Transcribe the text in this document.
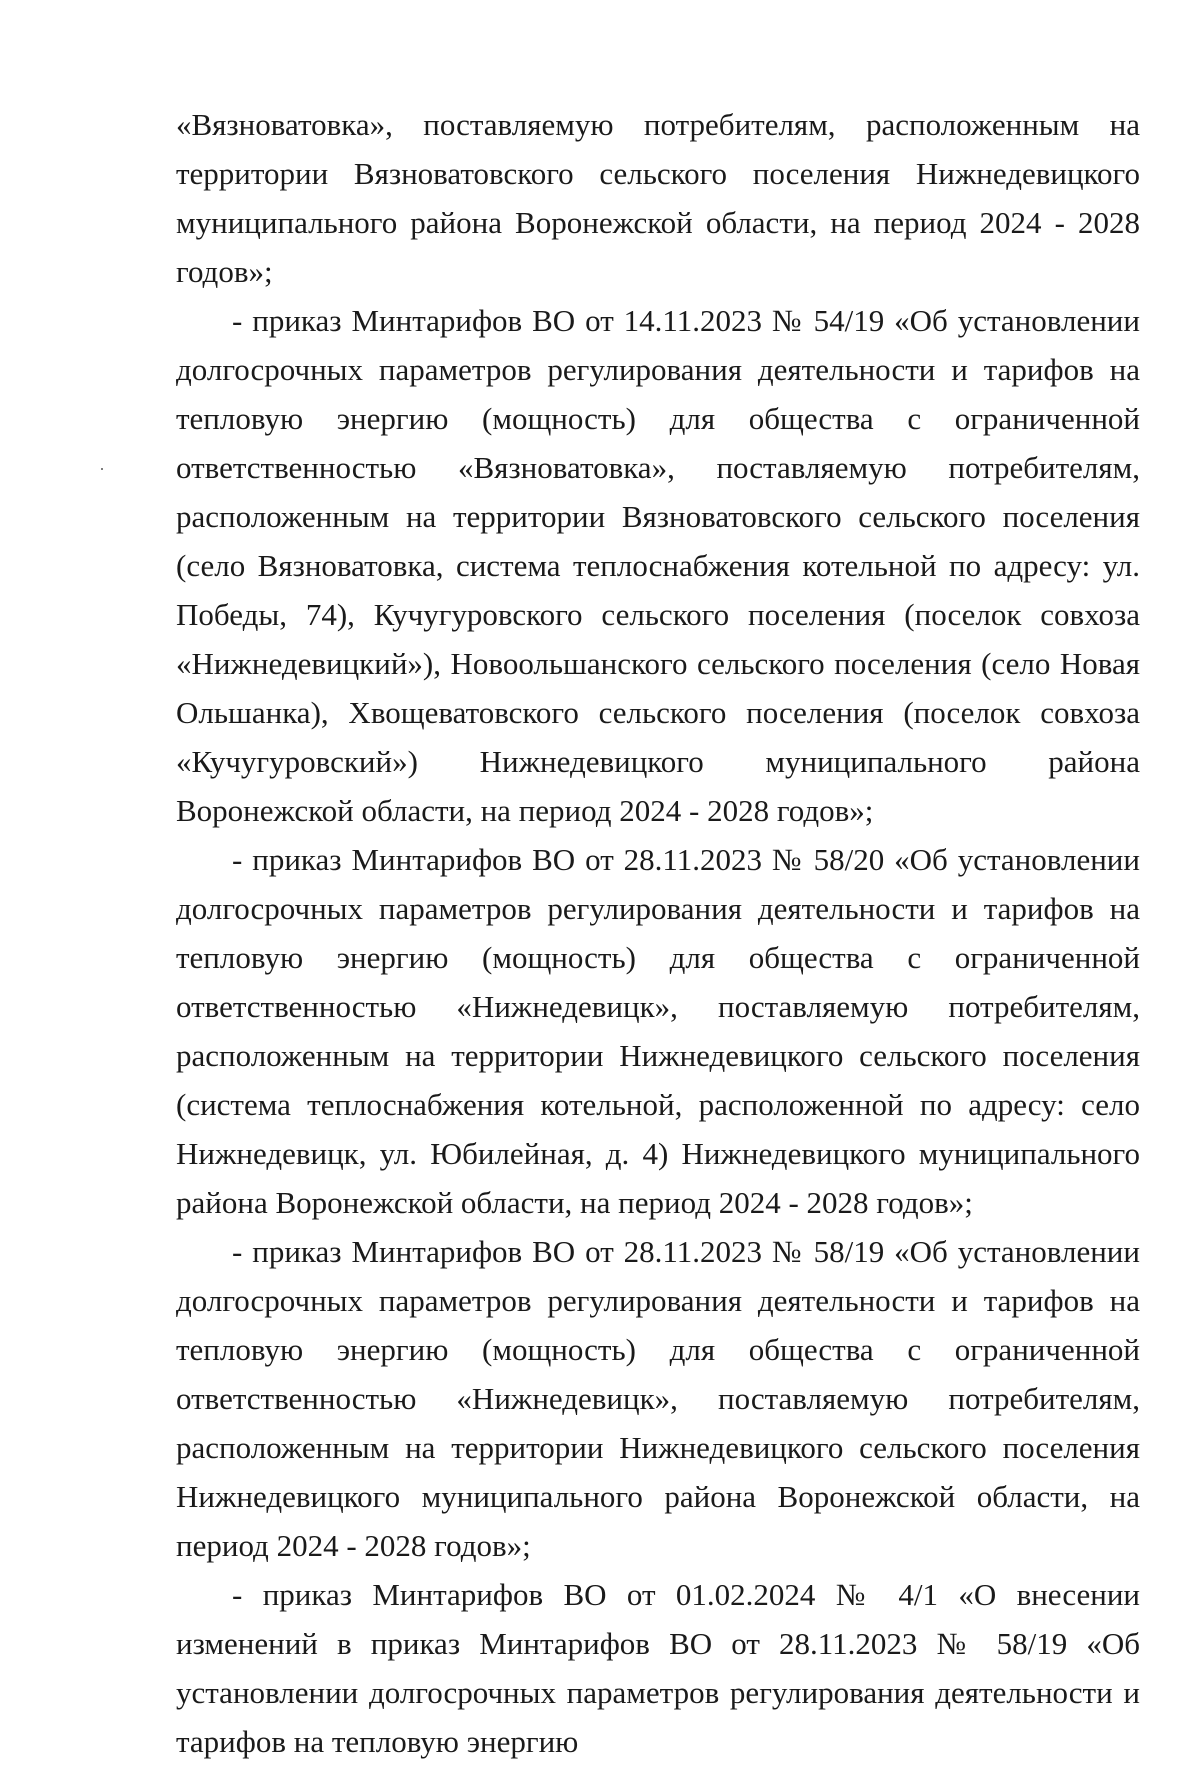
«Вязноватовка», поставляемую потребителям, расположенным на территории Вязноватовского сельского поселения Нижнедевицкого муниципального района Воронежской области, на период 2024 - 2028 годов»;

- приказ Минтарифов ВО от 14.11.2023 № 54/19 «Об установлении долгосрочных параметров регулирования деятельности и тарифов на тепловую энергию (мощность) для общества с ограниченной ответственностью «Вязноватовка», поставляемую потребителям, расположенным на территории Вязноватовского сельского поселения (село Вязноватовка, система теплоснабжения котельной по адресу: ул. Победы, 74), Кучугуровского сельского поселения (поселок совхоза «Нижнедевицкий»), Новоольшанского сельского поселения (село Новая Ольшанка), Хвощеватовского сельского поселения (поселок совхоза «Кучугуровский») Нижнедевицкого муниципального района Воронежской области, на период 2024 - 2028 годов»;

- приказ Минтарифов ВО от 28.11.2023 № 58/20 «Об установлении долгосрочных параметров регулирования деятельности и тарифов на тепловую энергию (мощность) для общества с ограниченной ответственностью «Нижнедевицк», поставляемую потребителям, расположенным на территории Нижнедевицкого сельского поселения (система теплоснабжения котельной, расположенной по адресу: село Нижнедевицк, ул. Юбилейная, д. 4) Нижнедевицкого муниципального района Воронежской области, на период 2024 - 2028 годов»;

- приказ Минтарифов ВО от 28.11.2023 № 58/19 «Об установлении долгосрочных параметров регулирования деятельности и тарифов на тепловую энергию (мощность) для общества с ограниченной ответственностью «Нижнедевицк», поставляемую потребителям, расположенным на территории Нижнедевицкого сельского поселения Нижнедевицкого муниципального района Воронежской области, на период 2024 - 2028 годов»;

- приказ Минтарифов ВО от 01.02.2024 № 4/1 «О внесении изменений в приказ Минтарифов ВО от 28.11.2023 № 58/19 «Об установлении долгосрочных параметров регулирования деятельности и тарифов на тепловую энергию
